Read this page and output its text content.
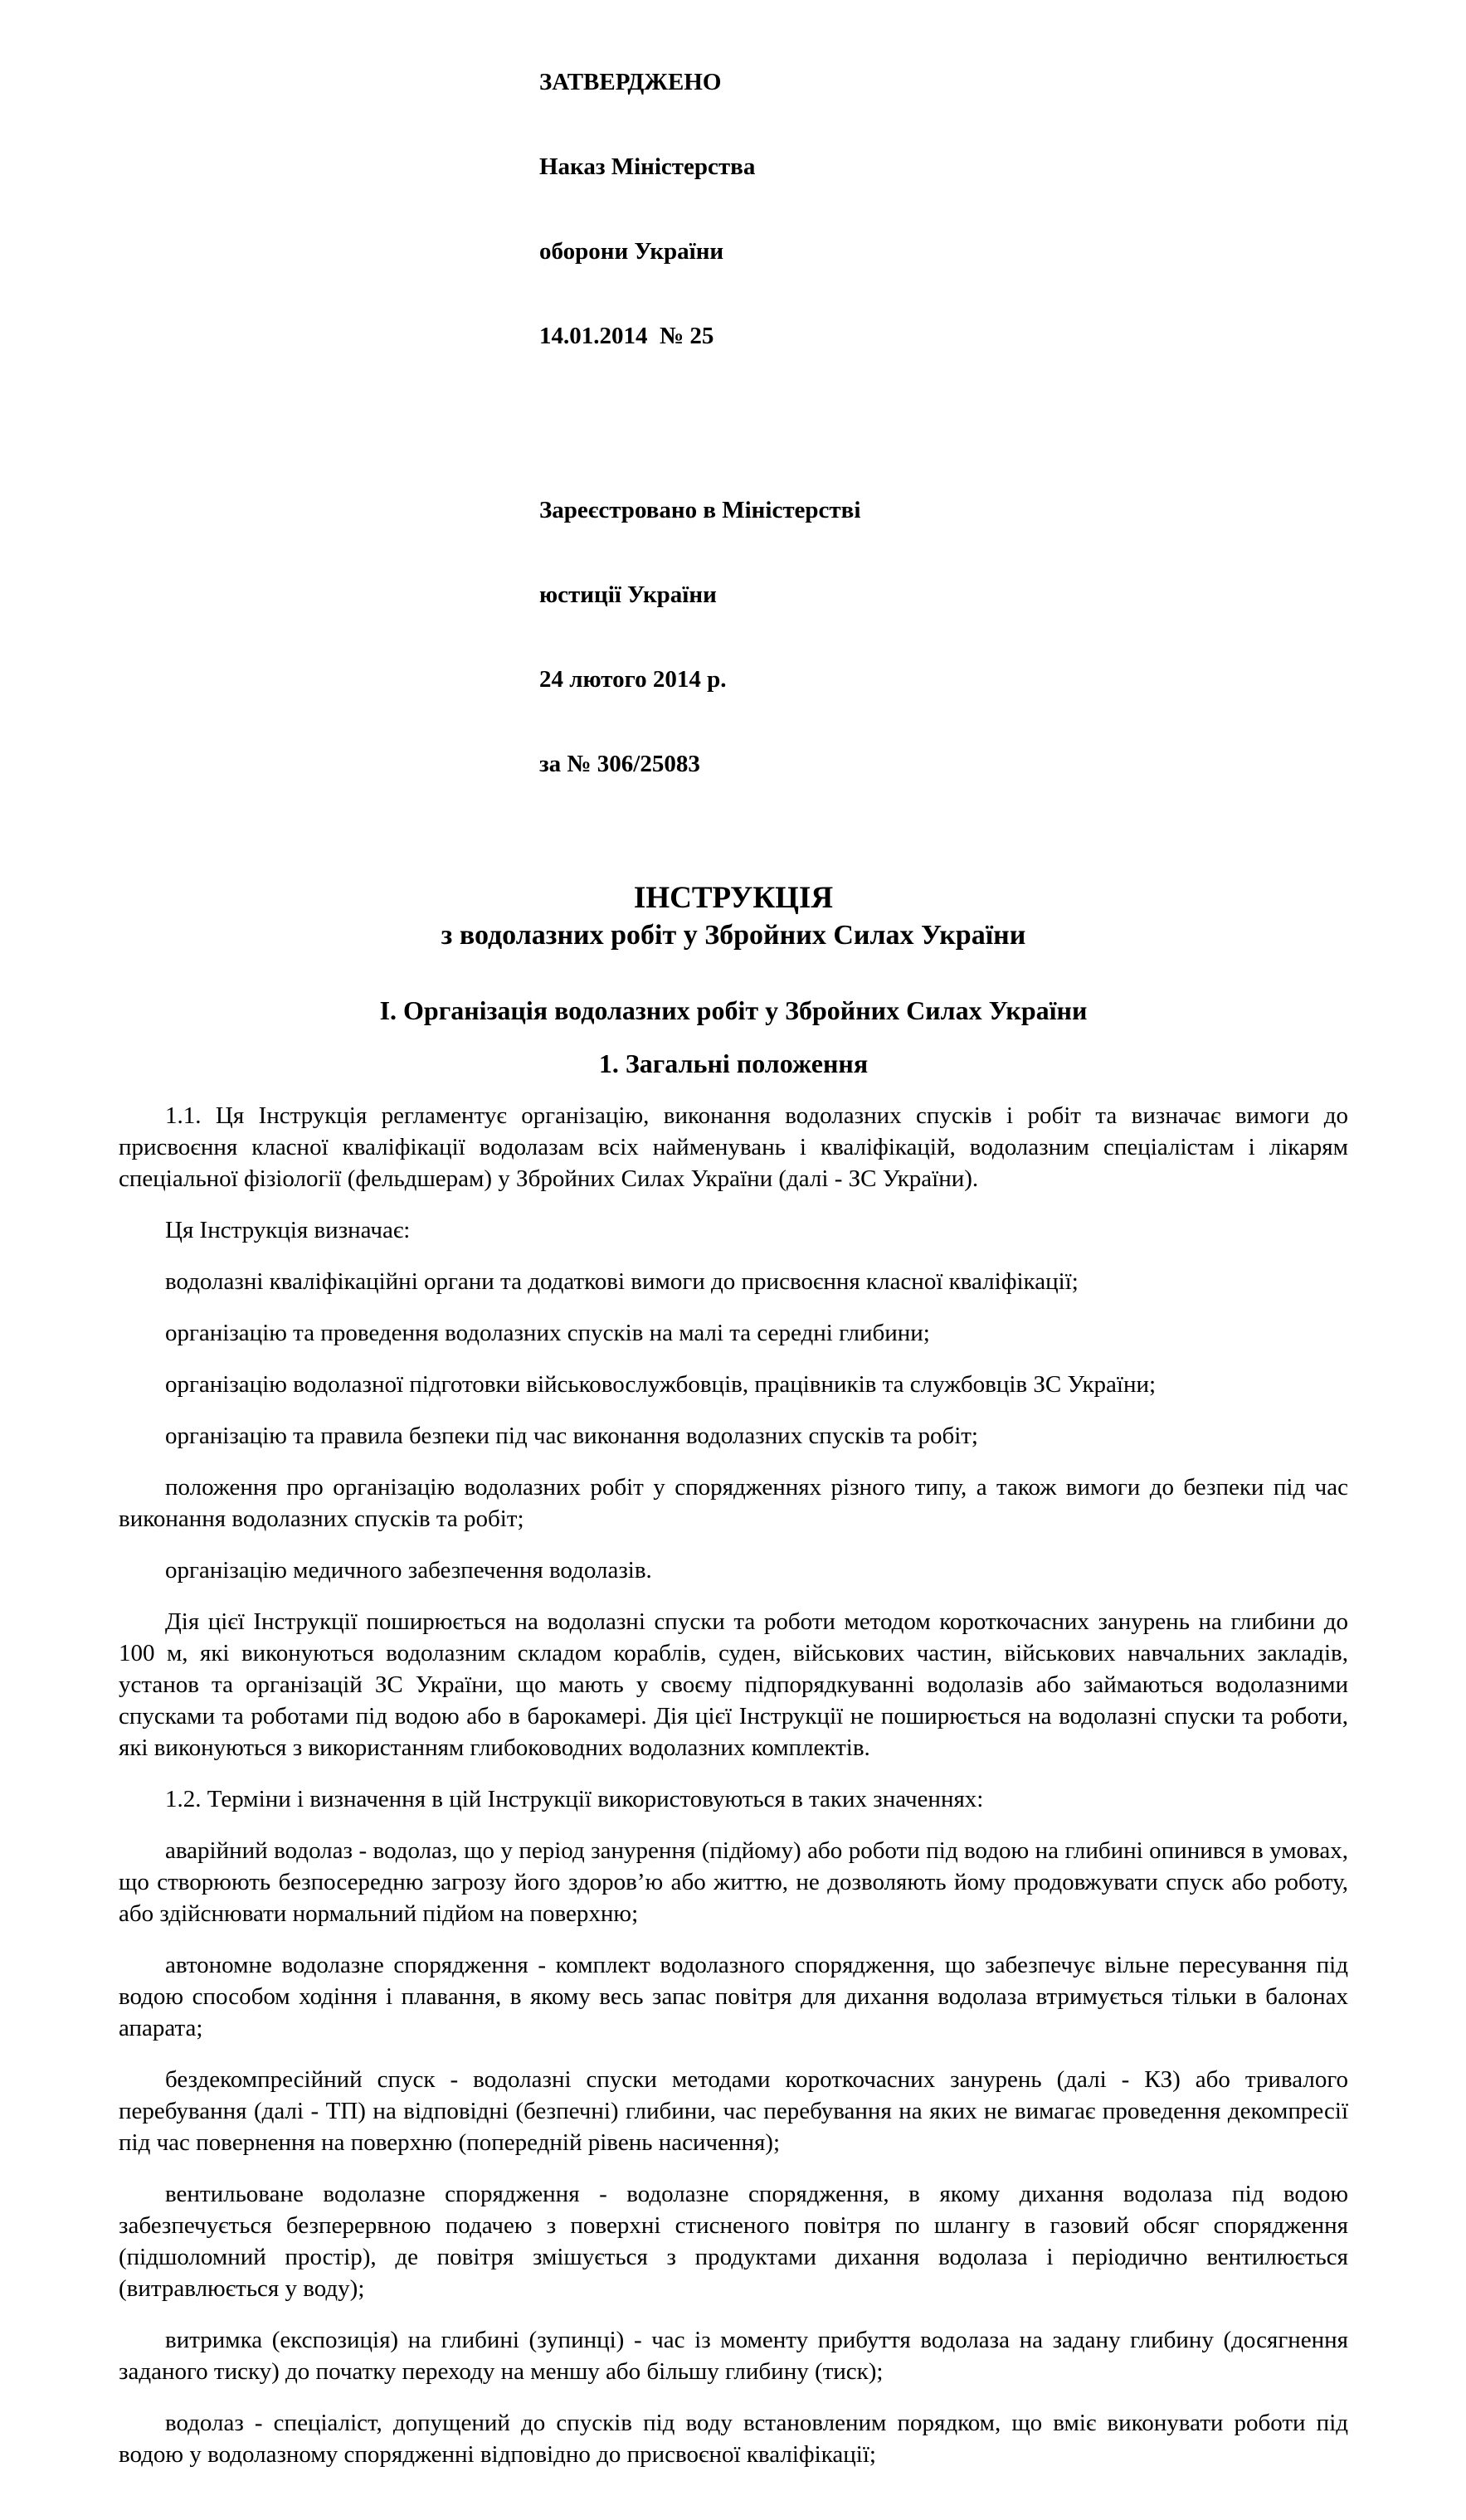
ЗАТВЕРДЖЕНО

Наказ Міністерства

оборони України

14.01.2014  № 25

Зареєстровано в Міністерстві

юстиції України

24 лютого 2014 р.

за № 306/25083

ІНСТРУКЦІЯ
з водолазних робіт у Збройних Силах України
І. Організація водолазних робіт у Збройних Силах України
1. Загальні положення

1.1. Ця Інструкція регламентує організацію, виконання водолазних спусків і робіт та визначає вимоги до присвоєння класної кваліфікації водолазам всіх найменувань і кваліфікацій, водолазним спеціалістам і лікарям спеціальної фізіології (фельдшерам) у Збройних Силах України (далі - ЗС України).

Ця Інструкція визначає:

водолазні кваліфікаційні органи та додаткові вимоги до присвоєння класної кваліфікації;

організацію та проведення водолазних спусків на малі та середні глибини;

організацію водолазної підготовки військовослужбовців, працівників та службовців ЗС України;

організацію та правила безпеки під час виконання водолазних спусків та робіт;

положення про організацію водолазних робіт у спорядженнях різного типу, а також вимоги до безпеки під час виконання водолазних спусків та робіт;

організацію медичного забезпечення водолазів.

Дія цієї Інструкції поширюється на водолазні спуски та роботи методом короткочасних занурень на глибини до 100 м, які виконуються водолазним складом кораблів, суден, військових частин, військових навчальних закладів, установ та організацій ЗС України, що мають у своєму підпорядкуванні водолазів або займаються водолазними спусками та роботами під водою або в барокамері. Дія цієї Інструкції не поширюється на водолазні спуски та роботи, які виконуються з використанням глибоководних водолазних комплектів.

1.2. Терміни і визначення в цій Інструкції використовуються в таких значеннях:

аварійний водолаз - водолаз, що у період занурення (підйому) або роботи під водою на глибині опинився в умовах, що створюють безпосередню загрозу його здоров’ю або життю, не дозволяють йому продовжувати спуск або роботу, або здійснювати нормальний підйом на поверхню;

автономне водолазне спорядження - комплект водолазного спорядження, що забезпечує вільне пересування під водою способом ходіння і плавання, в якому весь запас повітря для дихання водолаза втримується тільки в балонах апарата;

бездекомпресійний спуск - водолазні спуски методами короткочасних занурень (далі - КЗ) або тривалого перебування (далі - ТП) на відповідні (безпечні) глибини, час перебування на яких не вимагає проведення декомпресії під час повернення на поверхню (попередній рівень насичення);

вентильоване водолазне спорядження - водолазне спорядження, в якому дихання водолаза під водою забезпечується безперервною подачею з поверхні стисненого повітря по шлангу в газовий обсяг спорядження (підшоломний простір), де повітря змішується з продуктами дихання водолаза і періодично вентилюється (витравлюється у воду);

витримка (експозиція) на глибині (зупинці) - час із моменту прибуття водолаза на задану глибину (досягнення заданого тиску) до початку переходу на меншу або більшу глибину (тиск);

водолаз - спеціаліст, допущений до спусків під воду встановленим порядком, що вміє виконувати роботи під водою у водолазному спорядженні відповідно до присвоєної кваліфікації;
